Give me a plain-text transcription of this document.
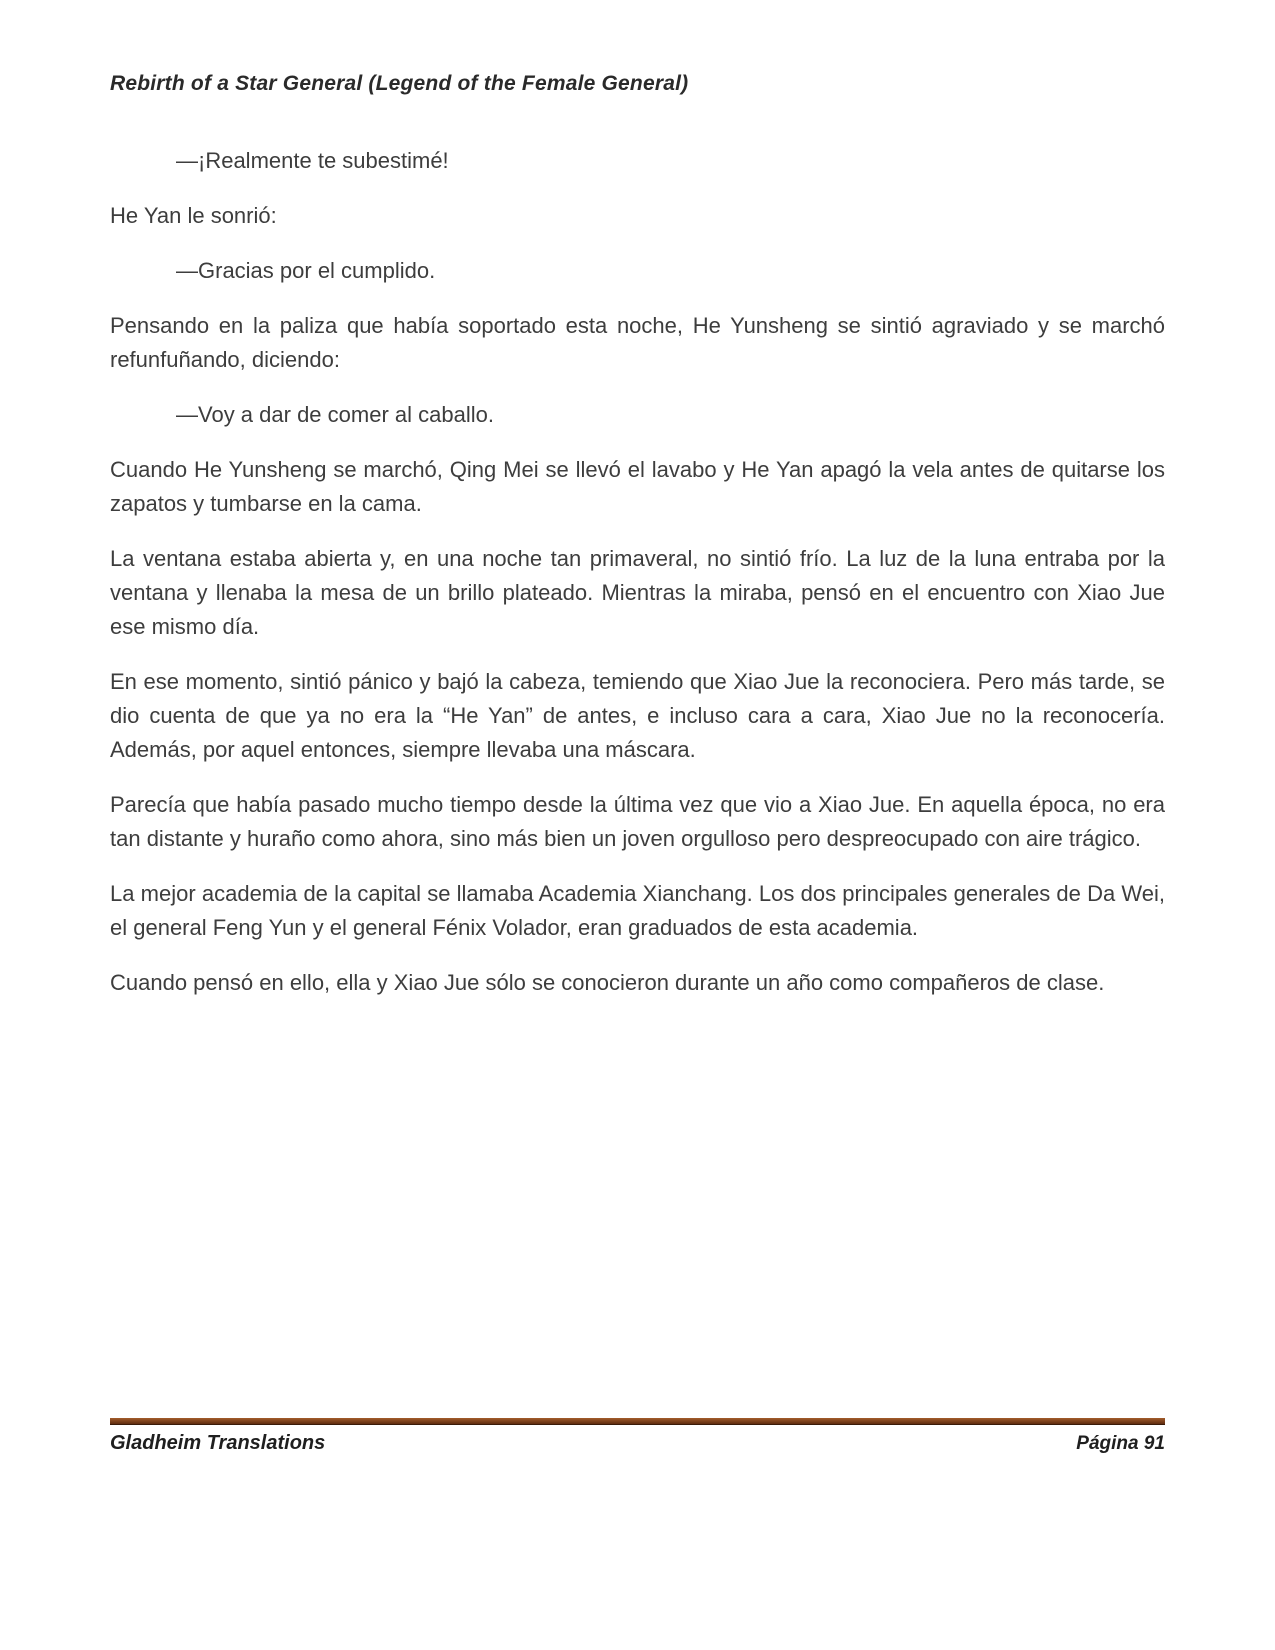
Rebirth of a Star General (Legend of the Female General)

—¡Realmente te subestimé!

He Yan le sonrió:

—Gracias por el cumplido.

Pensando en la paliza que había soportado esta noche, He Yunsheng se sintió agraviado y se marchó refunfuñando, diciendo:

—Voy a dar de comer al caballo.

Cuando He Yunsheng se marchó, Qing Mei se llevó el lavabo y He Yan apagó la vela antes de quitarse los zapatos y tumbarse en la cama.

La ventana estaba abierta y, en una noche tan primaveral, no sintió frío. La luz de la luna entraba por la ventana y llenaba la mesa de un brillo plateado. Mientras la miraba, pensó en el encuentro con Xiao Jue ese mismo día.

En ese momento, sintió pánico y bajó la cabeza, temiendo que Xiao Jue la reconociera. Pero más tarde, se dio cuenta de que ya no era la “He Yan” de antes, e incluso cara a cara, Xiao Jue no la reconocería. Además, por aquel entonces, siempre llevaba una máscara.

Parecía que había pasado mucho tiempo desde la última vez que vio a Xiao Jue. En aquella época, no era tan distante y huraño como ahora, sino más bien un joven orgulloso pero despreocupado con aire trágico.

La mejor academia de la capital se llamaba Academia Xianchang. Los dos principales generales de Da Wei, el general Feng Yun y el general Fénix Volador, eran graduados de esta academia.

Cuando pensó en ello, ella y Xiao Jue sólo se conocieron durante un año como compañeros de clase.

Gladheim Translations	Página 91
